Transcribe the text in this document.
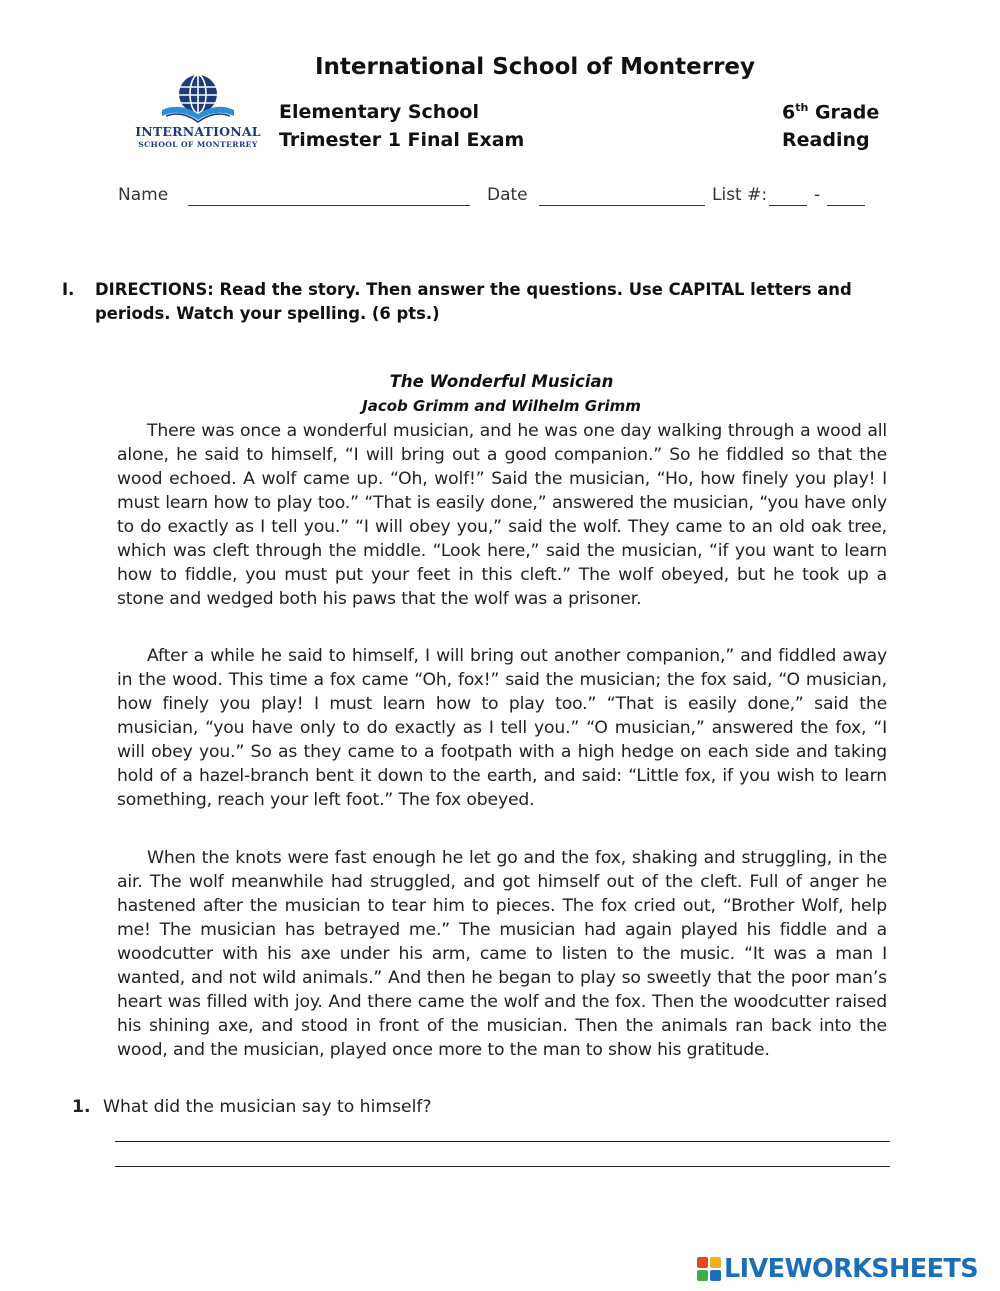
International School of Monterrey
INTERNATIONAL
SCHOOL OF MONTERREY
Elementary School
Trimester 1 Final Exam
6th Grade
Reading
Name	Date	List #:	-
I. DIRECTIONS: Read the story. Then answer the questions. Use CAPITAL letters and periods. Watch your spelling. (6 pts.)
The Wonderful Musician
Jacob Grimm and Wilhelm Grimm

There was once a wonderful musician, and he was one day walking through a wood all alone, he said to himself, “I will bring out a good companion.” So he fiddled so that the wood echoed. A wolf came up. “Oh, wolf!” Said the musician, “Ho, how finely you play! I must learn how to play too.” “That is easily done,” answered the musician, “you have only to do exactly as I tell you.” “I will obey you,” said the wolf. They came to an old oak tree, which was cleft through the middle. “Look here,” said the musician, “if you want to learn how to fiddle, you must put your feet in this cleft.” The wolf obeyed, but he took up a stone and wedged both his paws that the wolf was a prisoner.

After a while he said to himself, I will bring out another companion,” and fiddled away in the wood. This time a fox came “Oh, fox!” said the musician; the fox said, “O musician, how finely you play! I must learn how to play too.” “That is easily done,” said the musician, “you have only to do exactly as I tell you.” “O musician,” answered the fox, “I will obey you.” So as they came to a footpath with a high hedge on each side and taking hold of a hazel-branch bent it down to the earth, and said: “Little fox, if you wish to learn something, reach your left foot.” The fox obeyed.

When the knots were fast enough he let go and the fox, shaking and struggling, in the air. The wolf meanwhile had struggled, and got himself out of the cleft. Full of anger he hastened after the musician to tear him to pieces. The fox cried out, “Brother Wolf, help me! The musician has betrayed me.” The musician had again played his fiddle and a woodcutter with his axe under his arm, came to listen to the music. “It was a man I wanted, and not wild animals.” And then he began to play so sweetly that the poor man’s heart was filled with joy. And there came the wolf and the fox. Then the woodcutter raised his shining axe, and stood in front of the musician. Then the animals ran back into the wood, and the musician, played once more to the man to show his gratitude.

1. What did the musician say to himself?
LIVEWORKSHEETS
